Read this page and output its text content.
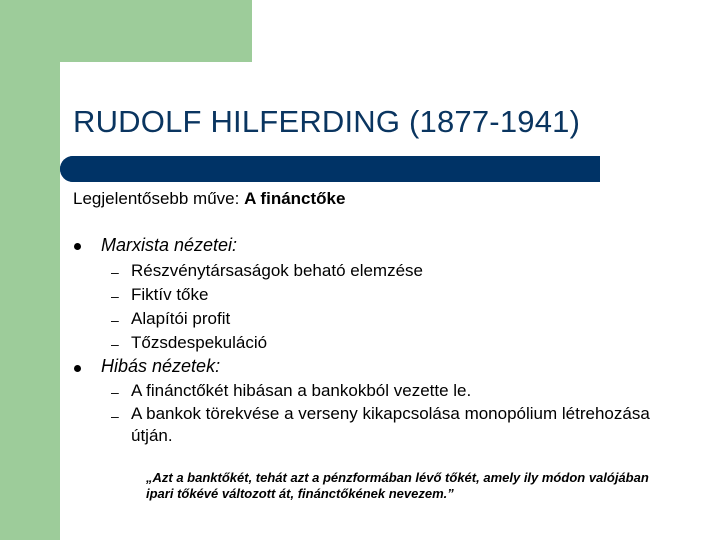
RUDOLF HILFERDING (1877-1941)
Legjelentősebb műve: A finánctőke
Marxista nézetei:
– Részvénytársaságok beható elemzése
– Fiktív tőke
– Alapítói profit
– Tőzsdespekuláció
Hibás nézetek:
– A finánctőkét hibásan a bankokból vezette le.
– A bankok törekvése a verseny kikapcsolása monopólium létrehozása útján.
„Azt a banktőkét, tehát azt a pénzformában lévő tőkét, amely ily módon valójában ipari tőkévé változott át, finánctőkének nevezem.”
